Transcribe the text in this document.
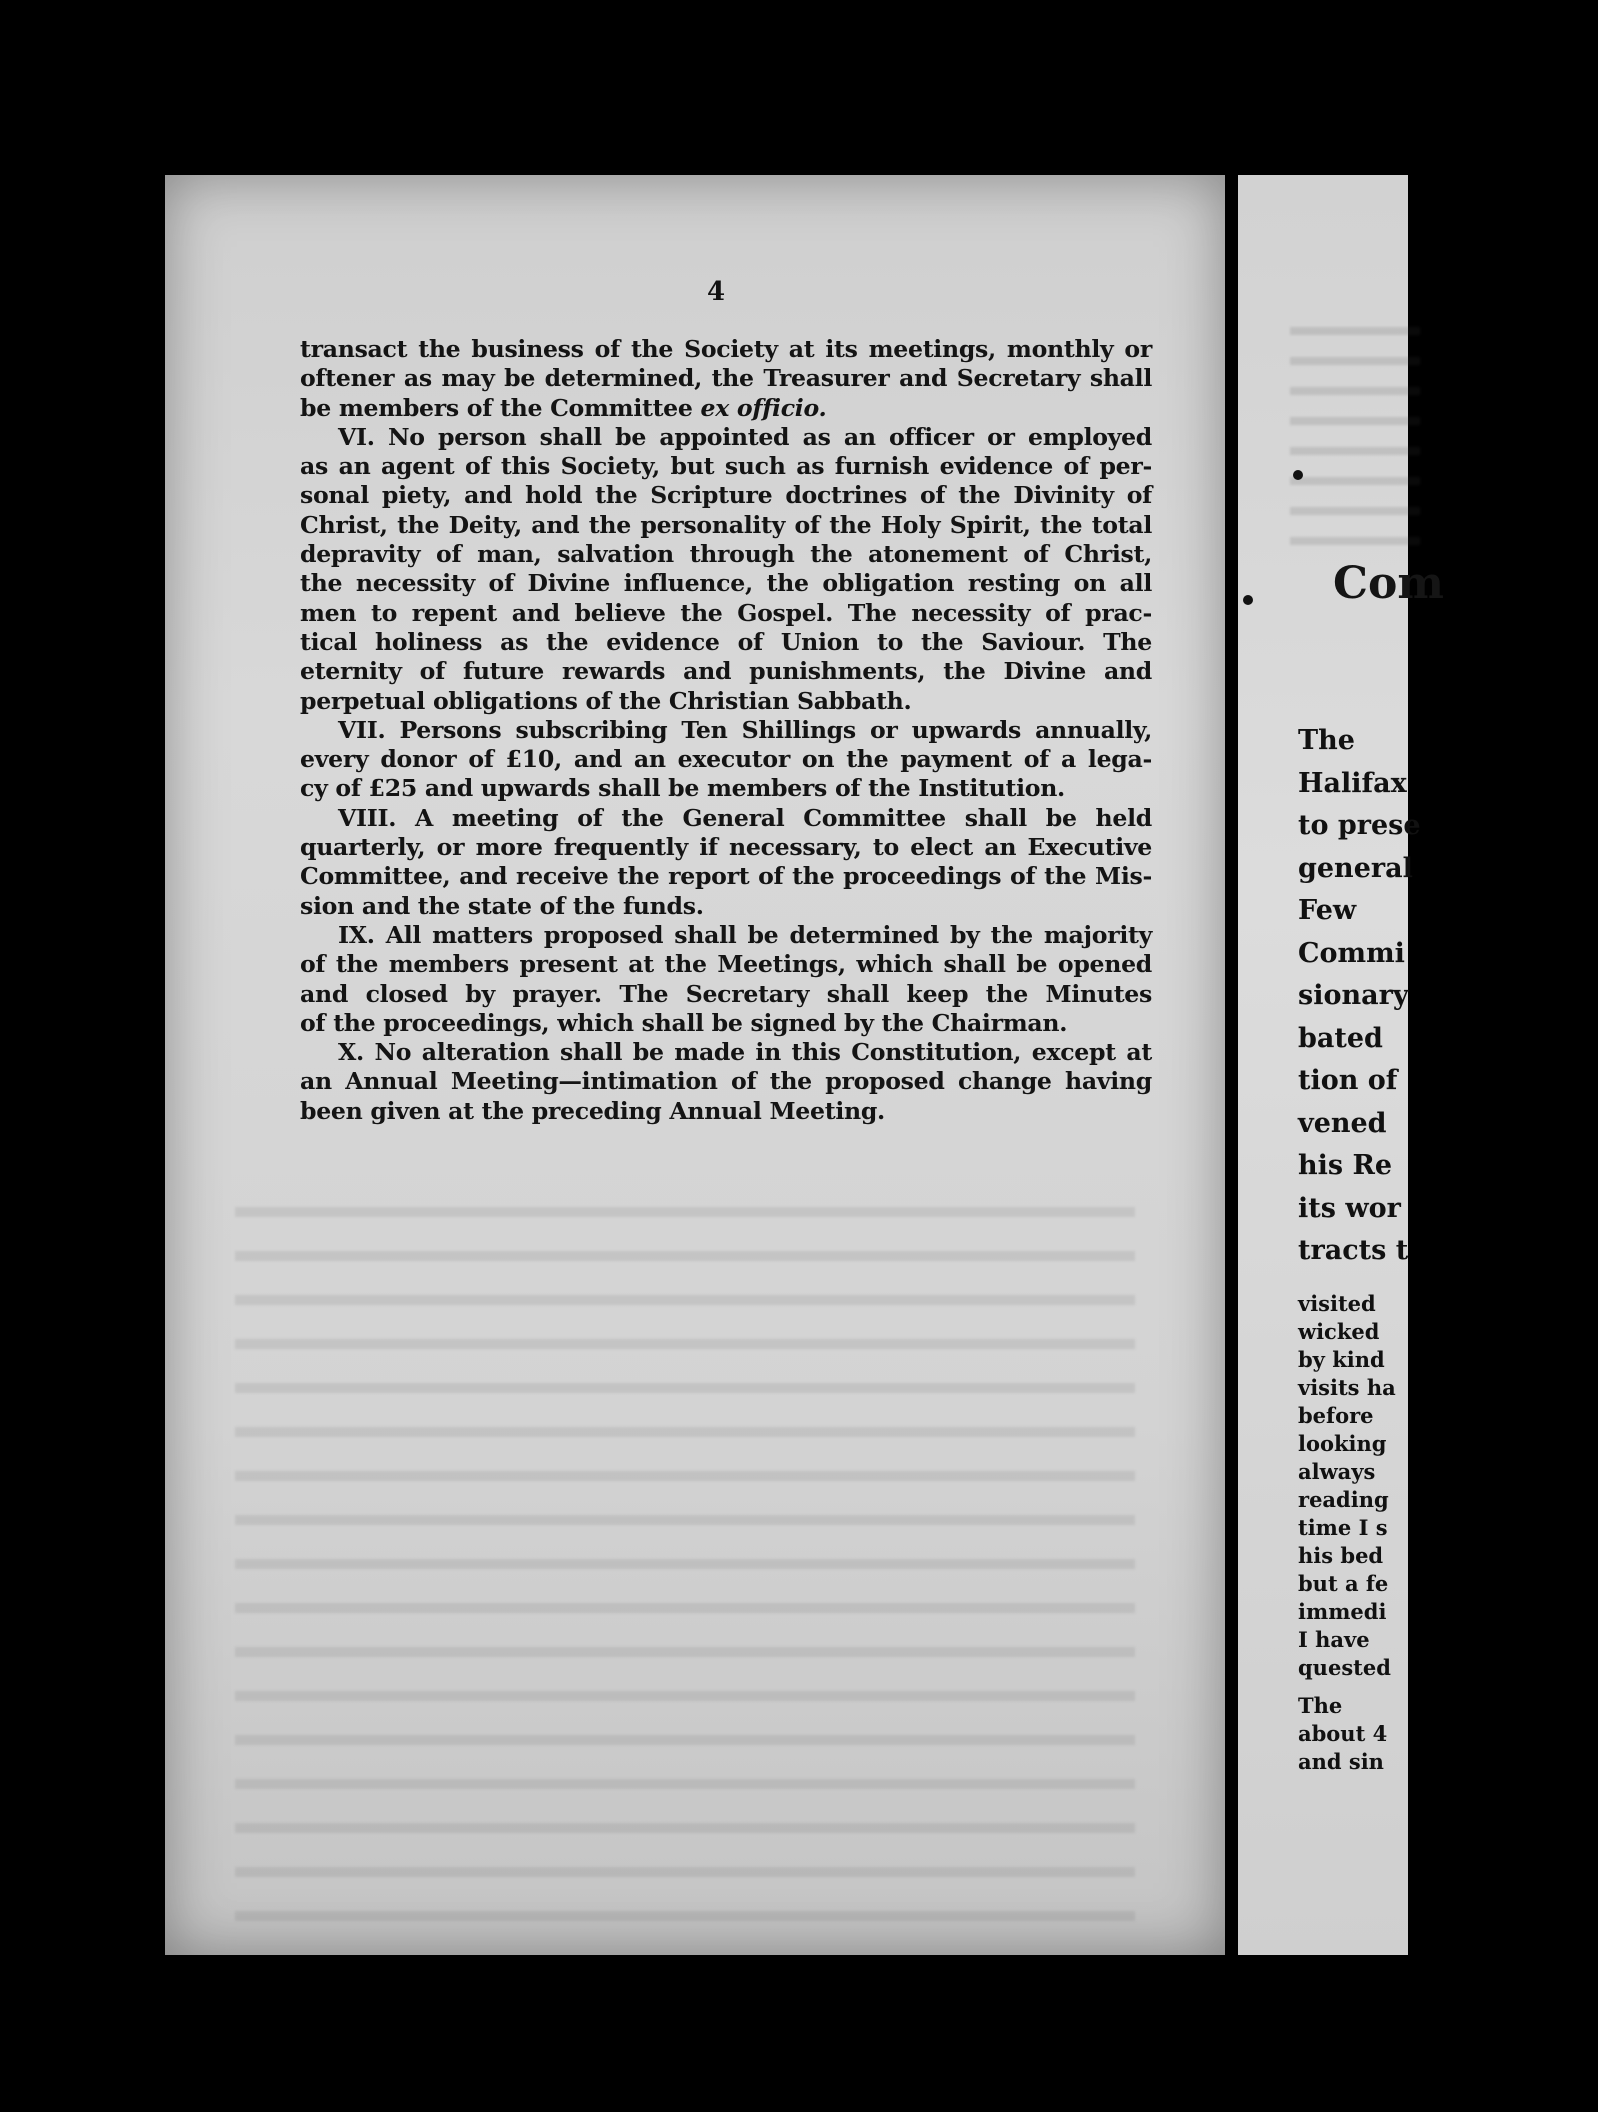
4
transact the business of the Society at its meetings, monthly or
oftener as may be determined, the Treasurer and Secretary shall
be members of the Committee ex officio.
VI. No person shall be appointed as an officer or employed
as an agent of this Society, but such as furnish evidence of per-
sonal piety, and hold the Scripture doctrines of the Divinity of
Christ, the Deity, and the personality of the Holy Spirit, the total
depravity of man, salvation through the atonement of Christ,
the necessity of Divine influence, the obligation resting on all
men to repent and believe the Gospel. The necessity of prac-
tical holiness as the evidence of Union to the Saviour. The
eternity of future rewards and punishments, the Divine and
perpetual obligations of the Christian Sabbath.
VII. Persons subscribing Ten Shillings or upwards annually,
every donor of £10, and an executor on the payment of a lega-
cy of £25 and upwards shall be members of the Institution.
VIII. A meeting of the General Committee shall be held
quarterly, or more frequently if necessary, to elect an Executive
Committee, and receive the report of the proceedings of the Mis-
sion and the state of the funds.
IX. All matters proposed shall be determined by the majority
of the members present at the Meetings, which shall be opened
and closed by prayer. The Secretary shall keep the Minutes
of the proceedings, which shall be signed by the Chairman.
X. No alteration shall be made in this Constitution, except at
an Annual Meeting—intimation of the proposed change having
been given at the preceding Annual Meeting.
Com
The
Halifax
to prese
general
Few
Commi
sionary
bated
tion of
vened
his Re
its wor
tracts t
visited
wicked
by kind
visits ha
before
looking
always
reading
time I s
his bed
but a fe
immedi
I have
quested
The
about 4
and sin
